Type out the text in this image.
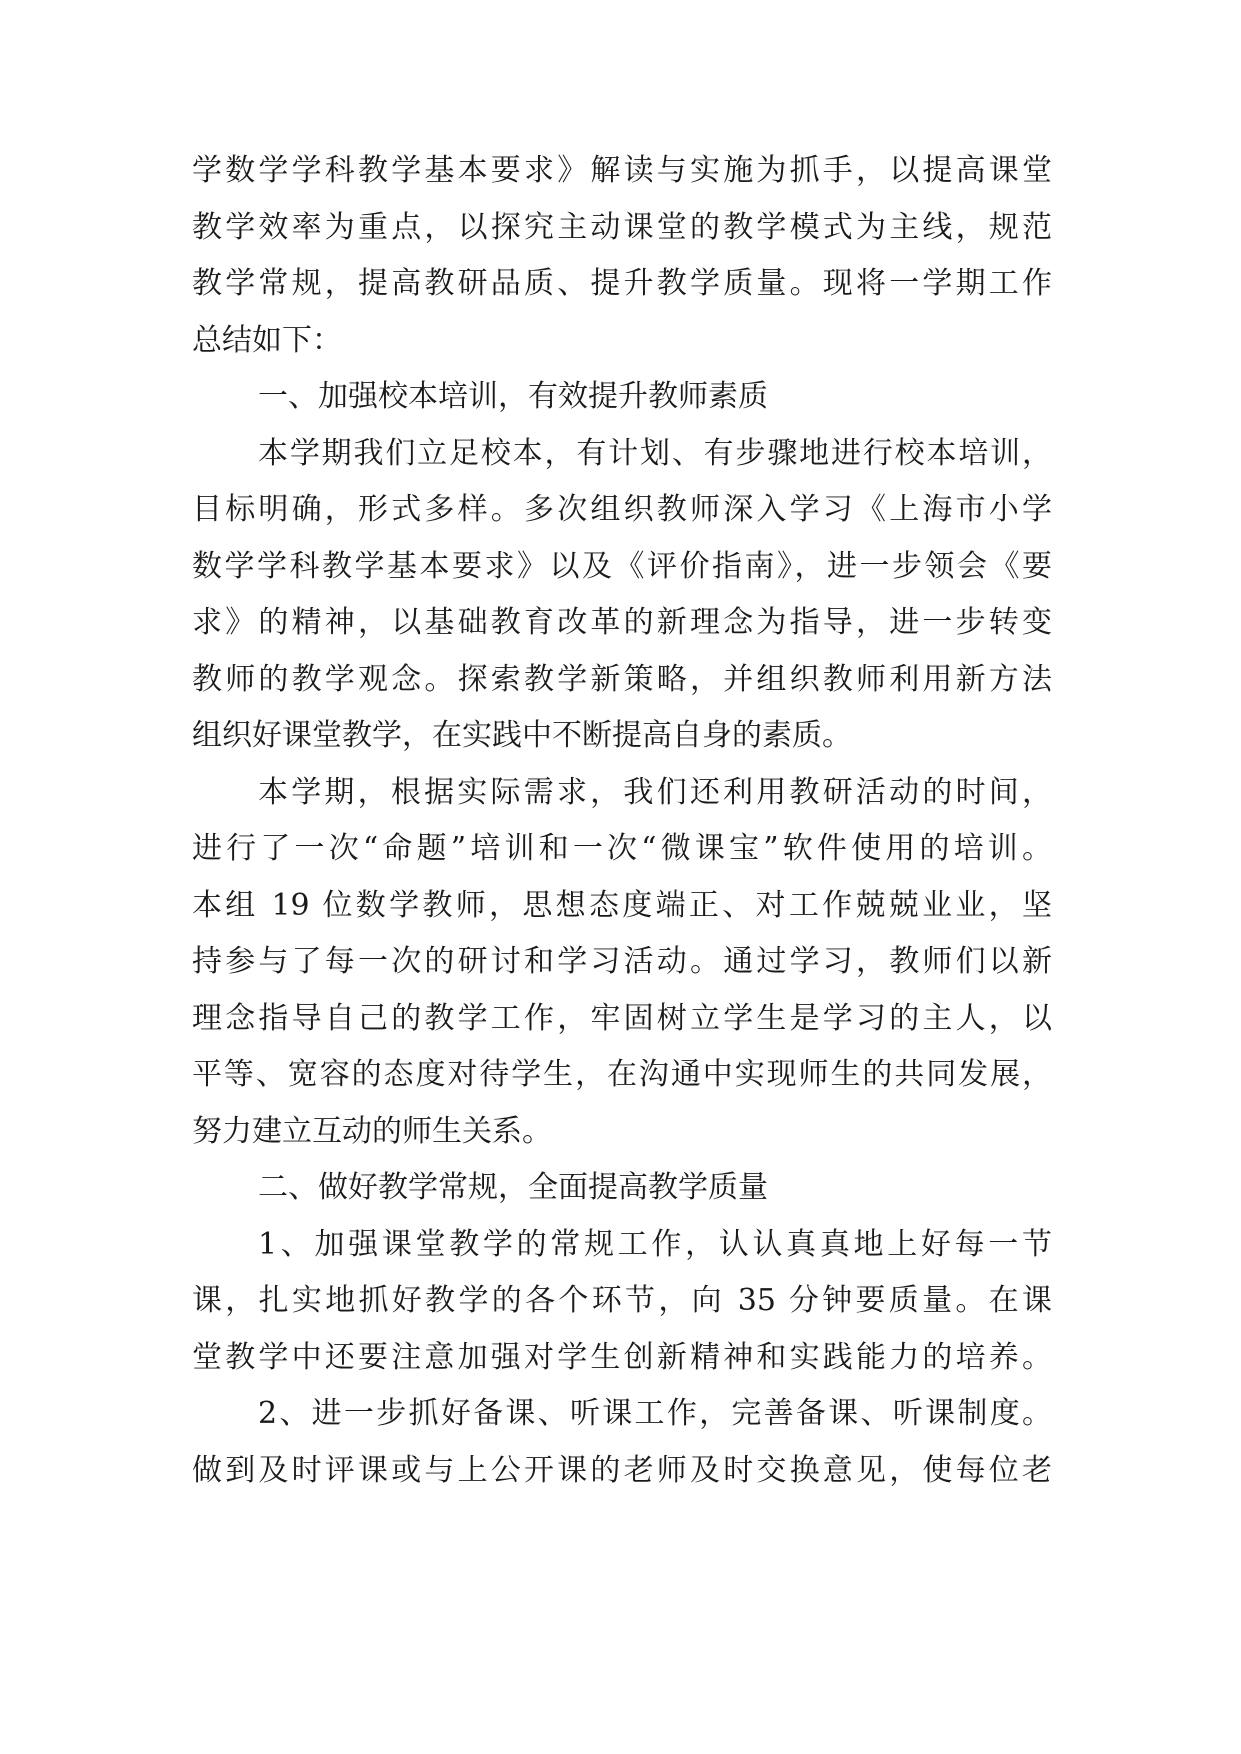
学数学学科教学基本要求》解读与实施为抓手，以提高课堂
教学效率为重点，以探究主动课堂的教学模式为主线，规范
教学常规，提高教研品质、提升教学质量。现将一学期工作
总结如下：
一、加强校本培训，有效提升教师素质
本学期我们立足校本，有计划、有步骤地进行校本培训，
目标明确，形式多样。多次组织教师深入学习《上海市小学
数学学科教学基本要求》以及《评价指南》，进一步领会《要
求》的精神，以基础教育改革的新理念为指导，进一步转变
教师的教学观念。探索教学新策略，并组织教师利用新方法
组织好课堂教学，在实践中不断提高自身的素质。
本学期，根据实际需求，我们还利用教研活动的时间，
进行了一次“命题”培训和一次“微课宝”软件使用的培训。
本组 19 位数学教师，思想态度端正、对工作兢兢业业，坚
持参与了每一次的研讨和学习活动。通过学习，教师们以新
理念指导自己的教学工作，牢固树立学生是学习的主人，以
平等、宽容的态度对待学生，在沟通中实现师生的共同发展，
努力建立互动的师生关系。
二、做好教学常规，全面提高教学质量
1、加强课堂教学的常规工作，认认真真地上好每一节
课，扎实地抓好教学的各个环节，向 35 分钟要质量。在课
堂教学中还要注意加强对学生创新精神和实践能力的培养。
2、进一步抓好备课、听课工作，完善备课、听课制度。
做到及时评课或与上公开课的老师及时交换意见，使每位老
